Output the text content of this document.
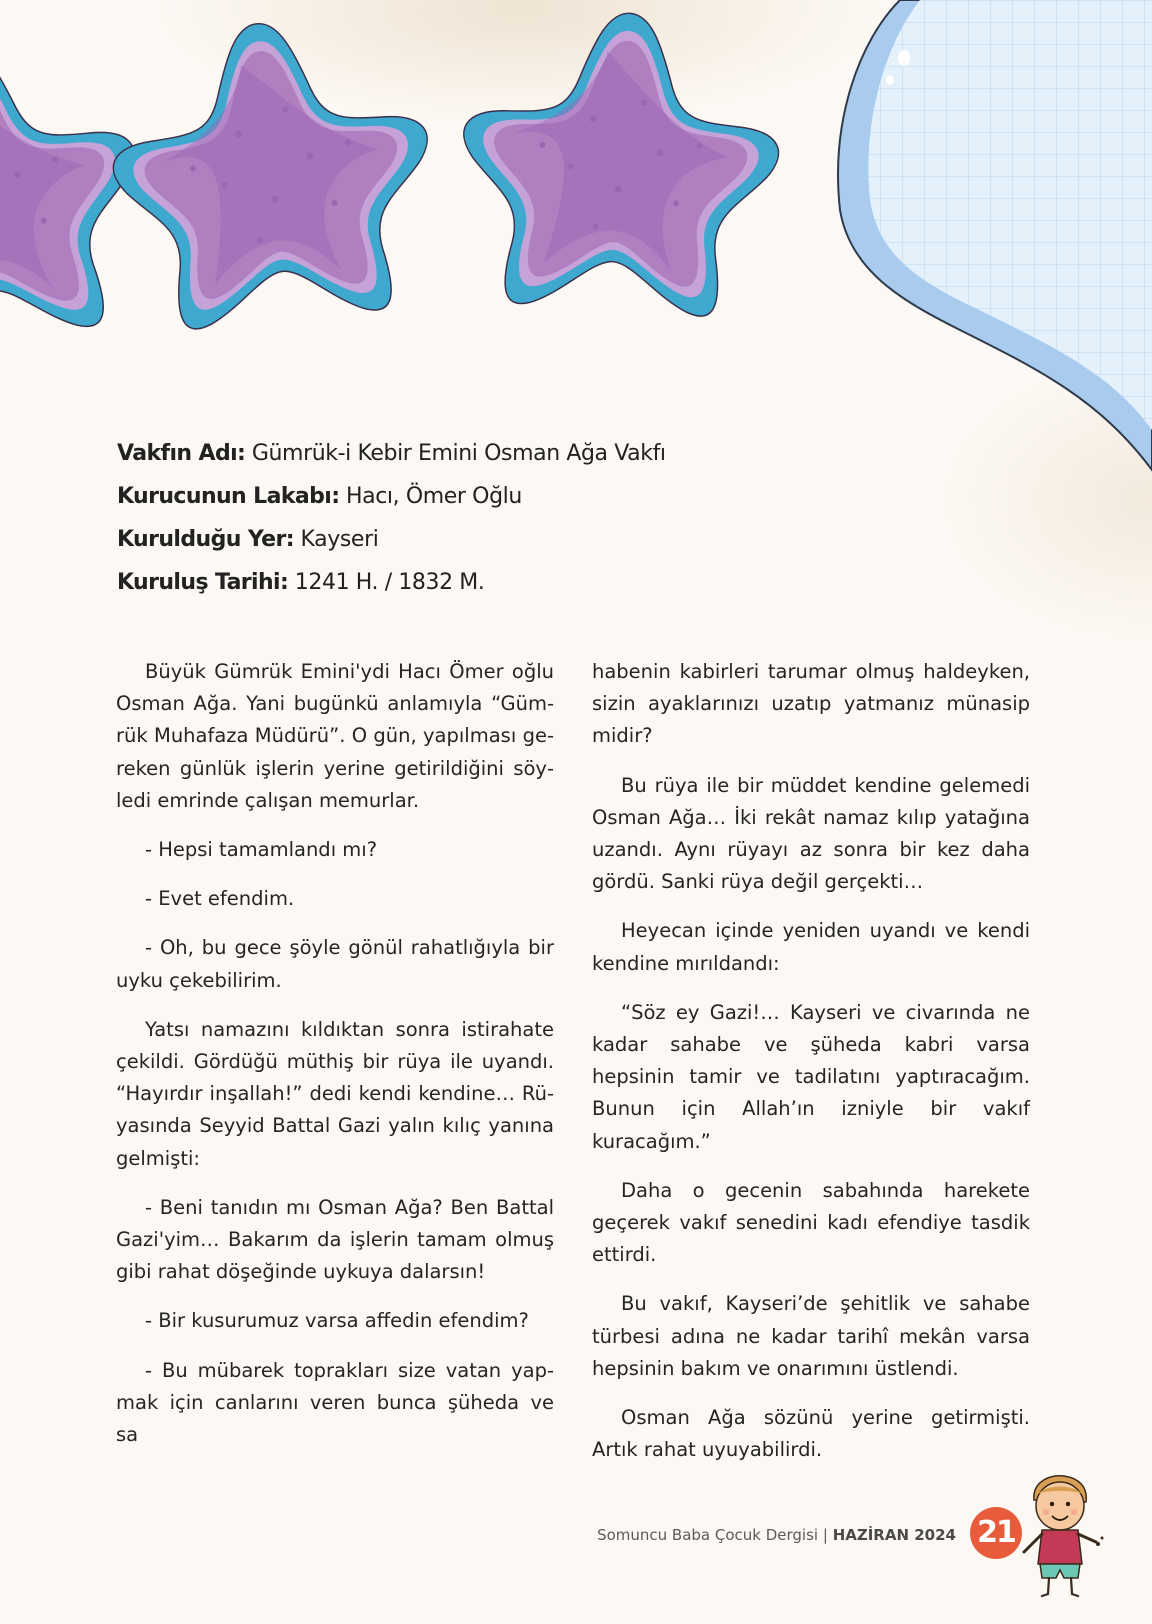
Vakfın Adı: Gümrük-i Kebir Emini Osman Ağa Vakfı
Kurucunun Lakabı: Hacı, Ömer Oğlu
Kurulduğu Yer: Kayseri
Kuruluş Tarihi: 1241 H. / 1832 M.

Büyük Gümrük Emini'ydi Hacı Ömer oğlu Osman Ağa. Yani bugünkü anlamıyla “Gümrük Muhafaza Müdürü”. O gün, yapılması gereken günlük işlerin yerine getirildiğini söyledi emrinde çalışan memurlar.

- Hepsi tamamlandı mı?

- Evet efendim.

- Oh, bu gece şöyle gönül rahatlığıyla bir uyku çekebilirim.

Yatsı namazını kıldıktan sonra istirahate çekildi. Gördüğü müthiş bir rüya ile uyandı. “Hayırdır inşallah!” dedi kendi kendine… Rüyasında Seyyid Battal Gazi yalın kılıç yanına gelmişti:

- Beni tanıdın mı Osman Ağa? Ben Battal Gazi'yim… Bakarım da işlerin tamam olmuş gibi rahat döşeğinde uykuya dalarsın!

- Bir kusurumuz varsa affedin efendim?

- Bu mübarek toprakları size vatan yapmak için canlarını veren bunca şüheda ve sa

habenin kabirleri tarumar olmuş haldeyken, sizin ayaklarınızı uzatıp yatmanız münasip midir?

Bu rüya ile bir müddet kendine gelemedi Osman Ağa… İki rekât namaz kılıp yatağına uzandı. Aynı rüyayı az sonra bir kez daha gördü. Sanki rüya değil gerçekti…

Heyecan içinde yeniden uyandı ve kendi kendine mırıldandı:

“Söz ey Gazi!… Kayseri ve civarında ne kadar sahabe ve şüheda kabri varsa hepsinin tamir ve tadilatını yaptıracağım. Bunun için Allah’ın izniyle bir vakıf kuracağım.”

Daha o gecenin sabahında harekete geçerek vakıf senedini kadı efendiye tasdik ettirdi.

Bu vakıf, Kayseri’de şehitlik ve sahabe türbesi adına ne kadar tarihî mekân varsa hepsinin bakım ve onarımını üstlendi.

Osman Ağa sözünü yerine getirmişti. Artık rahat uyuyabilirdi.

Somuncu Baba Çocuk Dergisi | HAZİRAN 2024 21
